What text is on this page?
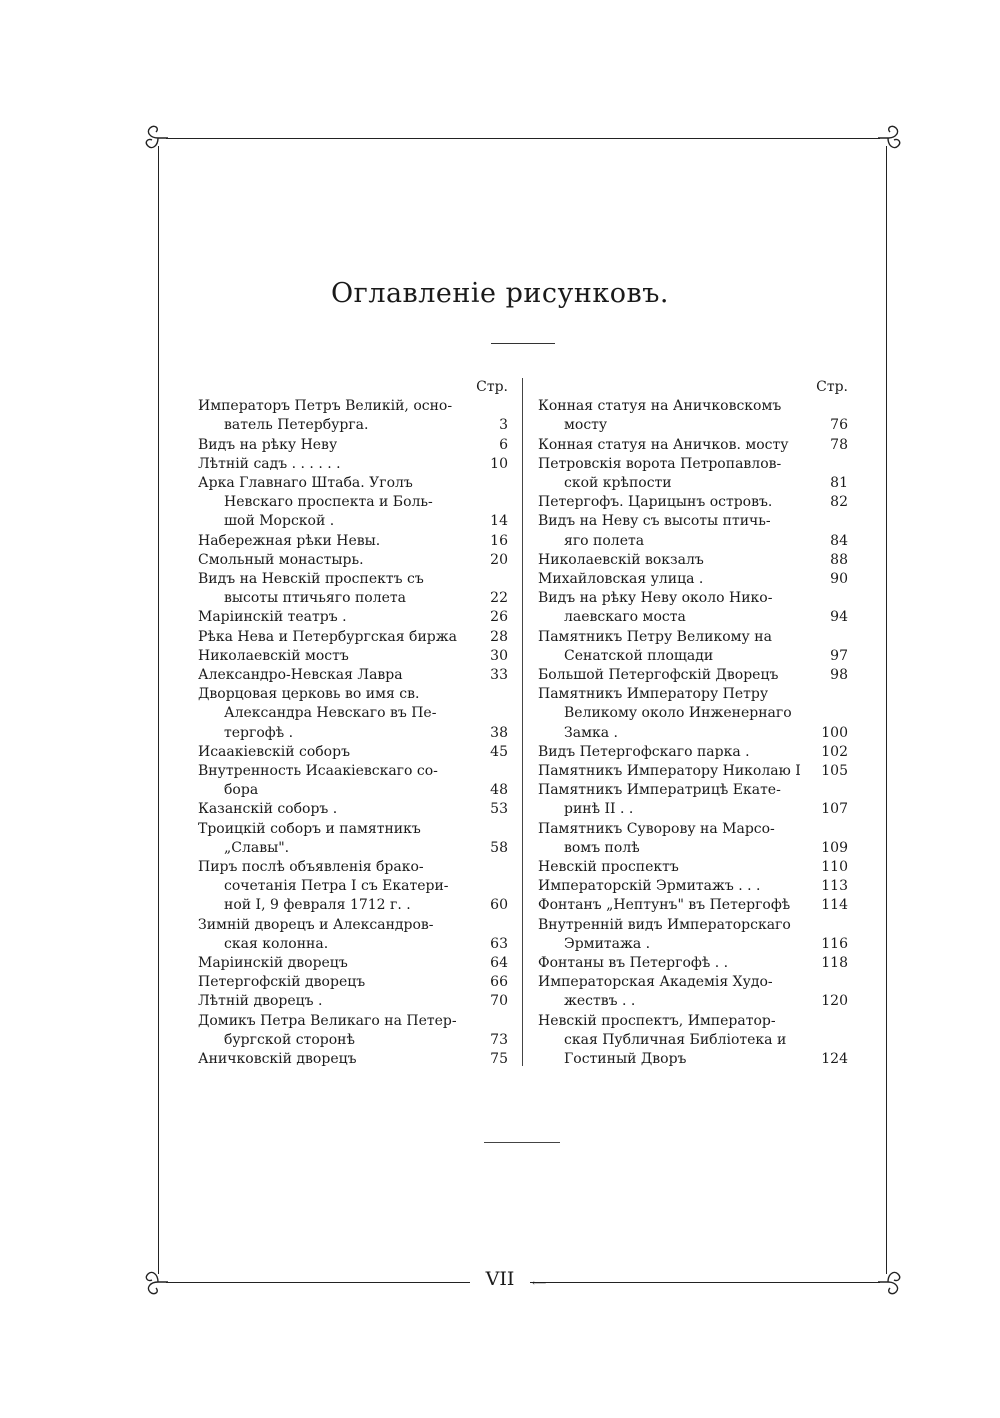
Оглавленіе рисунковъ.
Стр.
Императоръ Петръ Великій, осно-
ватель Петербурга.	3
Видъ на рѣку Неву	6
Лѣтній садъ . . . . . .	10
Арка Главнаго Штаба. Уголъ
Невскаго проспекта и Боль-
шой Морской .	14
Набережная рѣки Невы.	16
Смольный монастырь.	20
Видъ на Невскій проспектъ съ
высоты птичьяго полета	22
Маріинскій театръ .	26
Рѣка Нева и Петербургская биржа	28
Николаевскій мостъ	30
Александро-Невская Лавра	33
Дворцовая церковь во имя св.
Александра Невскаго въ Пе-
тергофѣ .	38
Исаакіевскій соборъ	45
Внутренность Исаакіевскаго со-
бора	48
Казанскій соборъ .	53
Троицкій соборъ и памятникъ
„Славы".	58
Пиръ послѣ объявленія брако-
сочетанія Петра I съ Екатери-
ной I, 9 февраля 1712 г. .	60
Зимній дворецъ и Александров-
ская колонна.	63
Маріинскій дворецъ	64
Петергофскій дворецъ	66
Лѣтній дворецъ .	70
Домикъ Петра Великаго на Петер-
бургской сторонѣ	73
Аничковскій дворецъ	75
Стр.
Конная статуя на Аничковскомъ
мосту	76
Конная статуя на Аничков. мосту	78
Петровскія ворота Петропавлов-
ской крѣпости	81
Петергофъ. Царицынъ островъ.	82
Видъ на Неву съ высоты птичь-
яго полета	84
Николаевскій вокзалъ	88
Михайловская улица .	90
Видъ на рѣку Неву около Нико-
лаевскаго моста	94
Памятникъ Петру Великому на
Сенатской площади	97
Большой Петергофскій Дворецъ	98
Памятникъ Императору Петру
Великому около Инженернаго
Замка .	100
Видъ Петергофскаго парка .	102
Памятникъ Императору Николаю I	105
Памятникъ Императрицѣ Екате-
ринѣ II . .	107
Памятникъ Суворову на Марсо-
вомъ полѣ	109
Невскій проспектъ	110
Императорскій Эрмитажъ . . .	113
Фонтанъ „Нептунъ" въ Петергофѣ	114
Внутренній видъ Императорскаго
Эрмитажа .	116
Фонтаны въ Петергофѣ . .	118
Императорская Академія Худо-
жествъ . .	120
Невскій проспектъ, Император-
ская Публичная Библіотека и
Гостиный Дворъ	124
VII	⟵
